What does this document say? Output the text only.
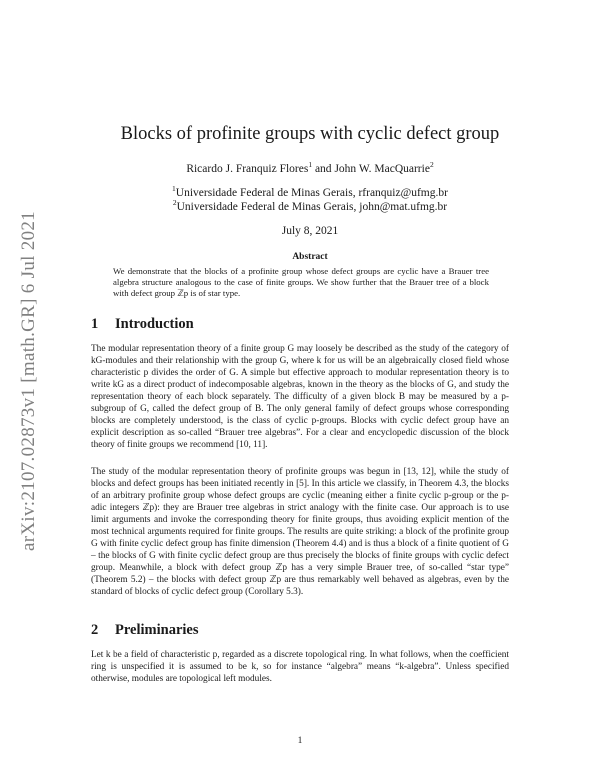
arXiv:2107.02873v1 [math.GR] 6 Jul 2021
Blocks of profinite groups with cyclic defect group
Ricardo J. Franquiz Flores$^1$ and John W. MacQuarrie$^2$
$^1$Universidade Federal de Minas Gerais, rfranquiz@ufmg.br
$^2$Universidade Federal de Minas Gerais, john@mat.ufmg.br
July 8, 2021
Abstract
We demonstrate that the blocks of a profinite group whose defect groups are cyclic have a Brauer tree algebra structure analogous to the case of finite groups. We show further that the Brauer tree of a block with defect group ℤp is of star type.
1 Introduction
The modular representation theory of a finite group G may loosely be described as the study of the category of kG-modules and their relationship with the group G, where k for us will be an algebraically closed field whose characteristic p divides the order of G. A simple but effective approach to modular representation theory is to write kG as a direct product of indecomposable algebras, known in the theory as the blocks of G, and study the representation theory of each block separately. The difficulty of a given block B may be measured by a p-subgroup of G, called the defect group of B. The only general family of defect groups whose corresponding blocks are completely understood, is the class of cyclic p-groups. Blocks with cyclic defect group have an explicit description as so-called “Brauer tree algebras”. For a clear and encyclopedic discussion of the block theory of finite groups we recommend [10, 11].
The study of the modular representation theory of profinite groups was begun in [13, 12], while the study of blocks and defect groups has been initiated recently in [5]. In this article we classify, in Theorem 4.3, the blocks of an arbitrary profinite group whose defect groups are cyclic (meaning either a finite cyclic p-group or the p-adic integers ℤp): they are Brauer tree algebras in strict analogy with the finite case. Our approach is to use limit arguments and invoke the corresponding theory for finite groups, thus avoiding explicit mention of the most technical arguments required for finite groups. The results are quite striking: a block of the profinite group G with finite cyclic defect group has finite dimension (Theorem 4.4) and is thus a block of a finite quotient of G – the blocks of G with finite cyclic defect group are thus precisely the blocks of finite groups with cyclic defect group. Meanwhile, a block with defect group ℤp has a very simple Brauer tree, of so-called “star type” (Theorem 5.2) – the blocks with defect group ℤp are thus remarkably well behaved as algebras, even by the standard of blocks of cyclic defect group (Corollary 5.3).
2 Preliminaries
Let k be a field of characteristic p, regarded as a discrete topological ring. In what follows, when the coefficient ring is unspecified it is assumed to be k, so for instance “algebra” means “k-algebra”. Unless specified otherwise, modules are topological left modules.
1
